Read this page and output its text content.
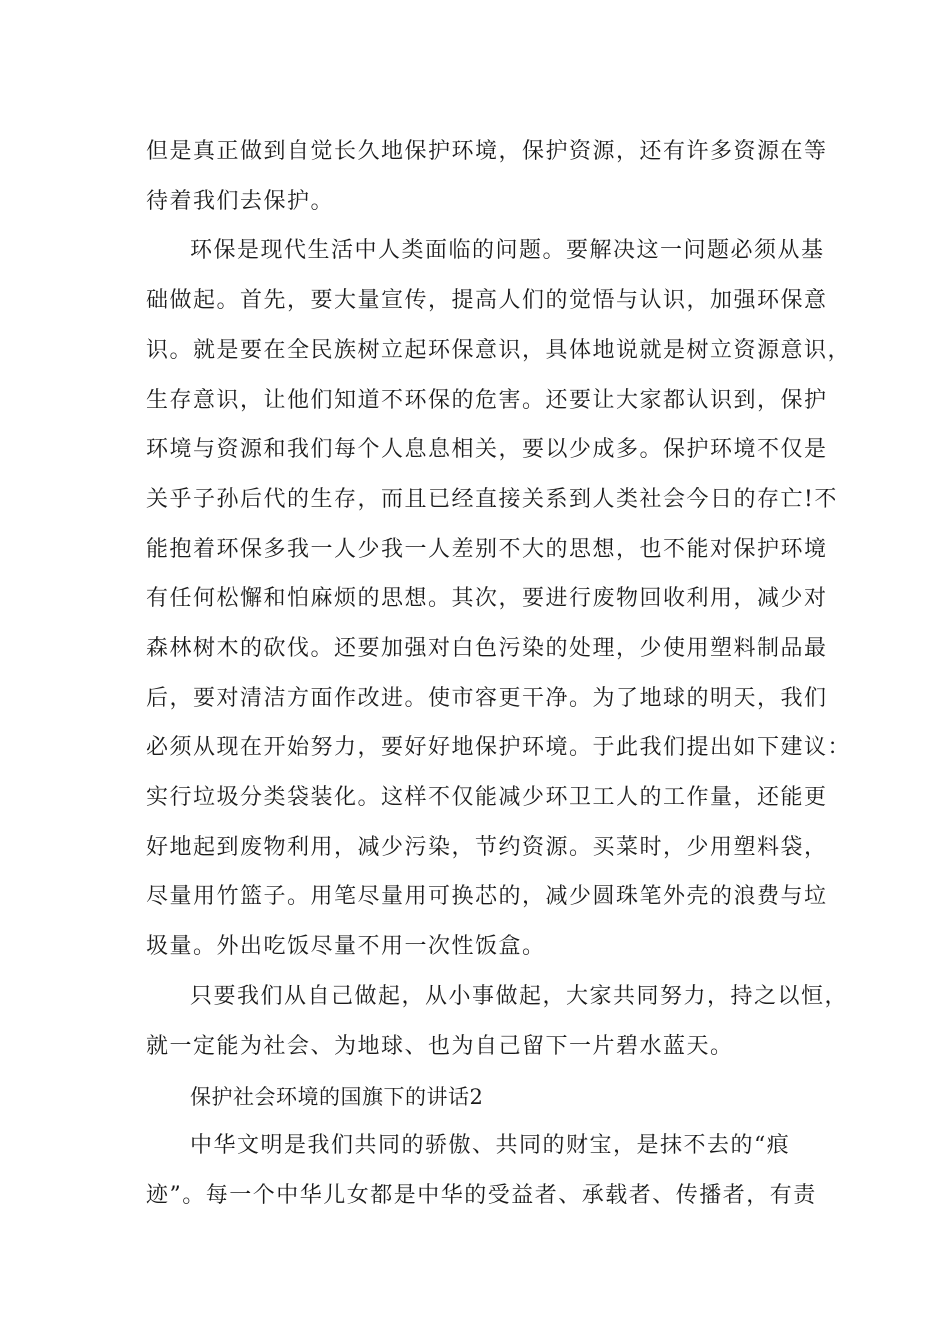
但是真正做到自觉长久地保护环境，保护资源，还有许多资源在等
待着我们去保护。
环保是现代生活中人类面临的问题。要解决这一问题必须从基
础做起。首先，要大量宣传，提高人们的觉悟与认识，加强环保意
识。就是要在全民族树立起环保意识，具体地说就是树立资源意识，
生存意识，让他们知道不环保的危害。还要让大家都认识到，保护
环境与资源和我们每个人息息相关，要以少成多。保护环境不仅是
关乎子孙后代的生存，而且已经直接关系到人类社会今日的存亡!不
能抱着环保多我一人少我一人差别不大的思想，也不能对保护环境
有任何松懈和怕麻烦的思想。其次，要进行废物回收利用，减少对
森林树木的砍伐。还要加强对白色污染的处理，少使用塑料制品最
后，要对清洁方面作改进。使市容更干净。为了地球的明天，我们
必须从现在开始努力，要好好地保护环境。于此我们提出如下建议：
实行垃圾分类袋装化。这样不仅能减少环卫工人的工作量，还能更
好地起到废物利用，减少污染，节约资源。买菜时，少用塑料袋，
尽量用竹篮子。用笔尽量用可换芯的，减少圆珠笔外壳的浪费与垃
圾量。外出吃饭尽量不用一次性饭盒。
只要我们从自己做起，从小事做起，大家共同努力，持之以恒，
就一定能为社会、为地球、也为自己留下一片碧水蓝天。
保护社会环境的国旗下的讲话2
中华文明是我们共同的骄傲、共同的财宝，是抹不去的“痕
迹”。每一个中华儿女都是中华的受益者、承载者、传播者，有责
